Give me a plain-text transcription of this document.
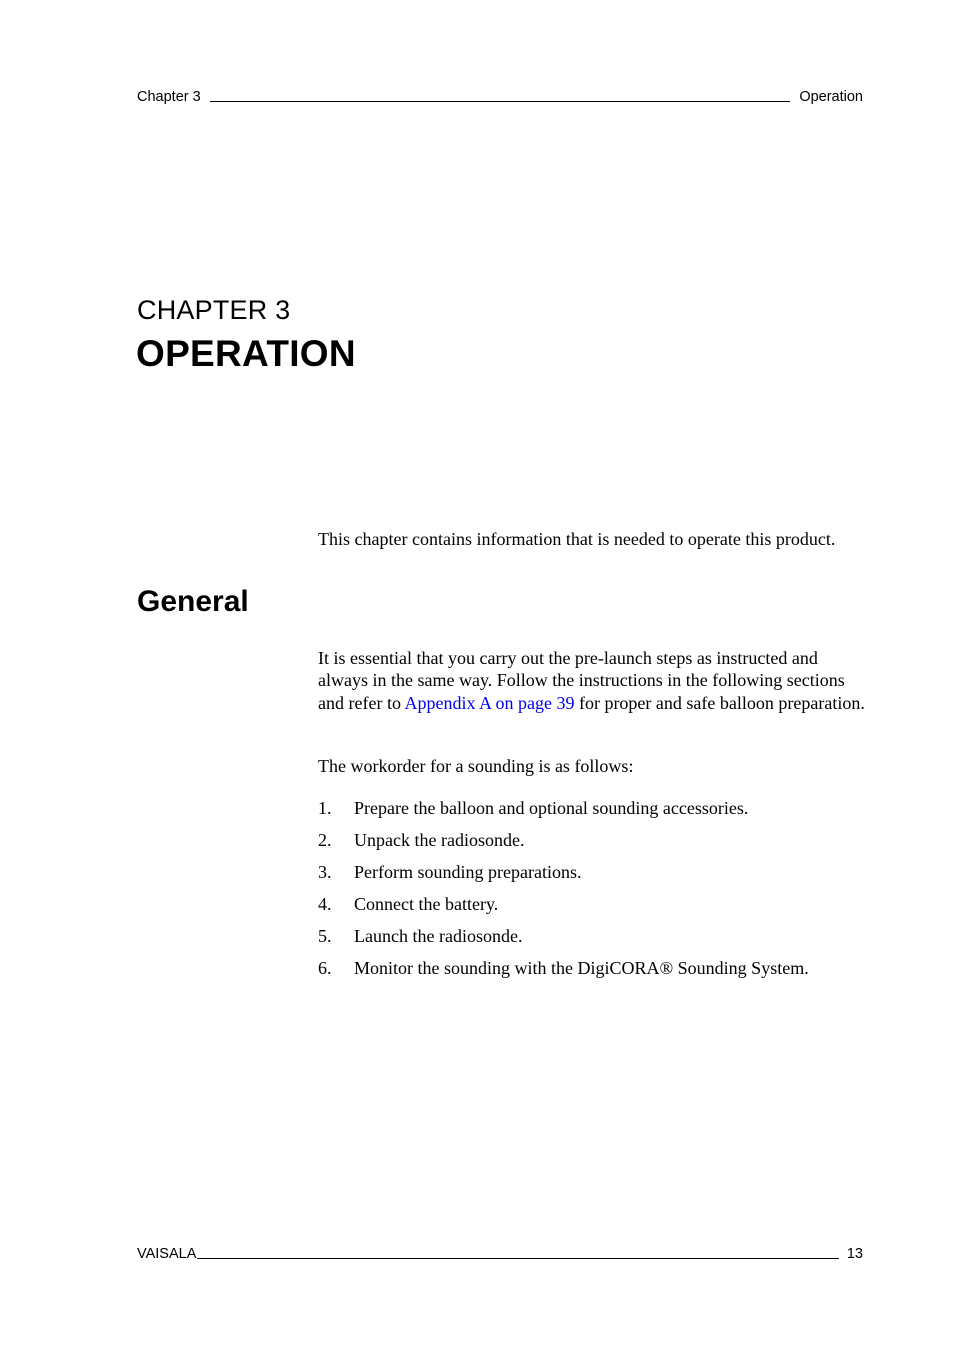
Chapter 3	Operation
CHAPTER 3
OPERATION
This chapter contains information that is needed to operate this product.
General
It is essential that you carry out the pre-launch steps as instructed and always in the same way. Follow the instructions in the following sections and refer to Appendix A on page 39 for proper and safe balloon preparation.
The workorder for a sounding is as follows:
1. Prepare the balloon and optional sounding accessories.
2. Unpack the radiosonde.
3. Perform sounding preparations.
4. Connect the battery.
5. Launch the radiosonde.
6. Monitor the sounding with the DigiCORA® Sounding System.
VAISALA	13
